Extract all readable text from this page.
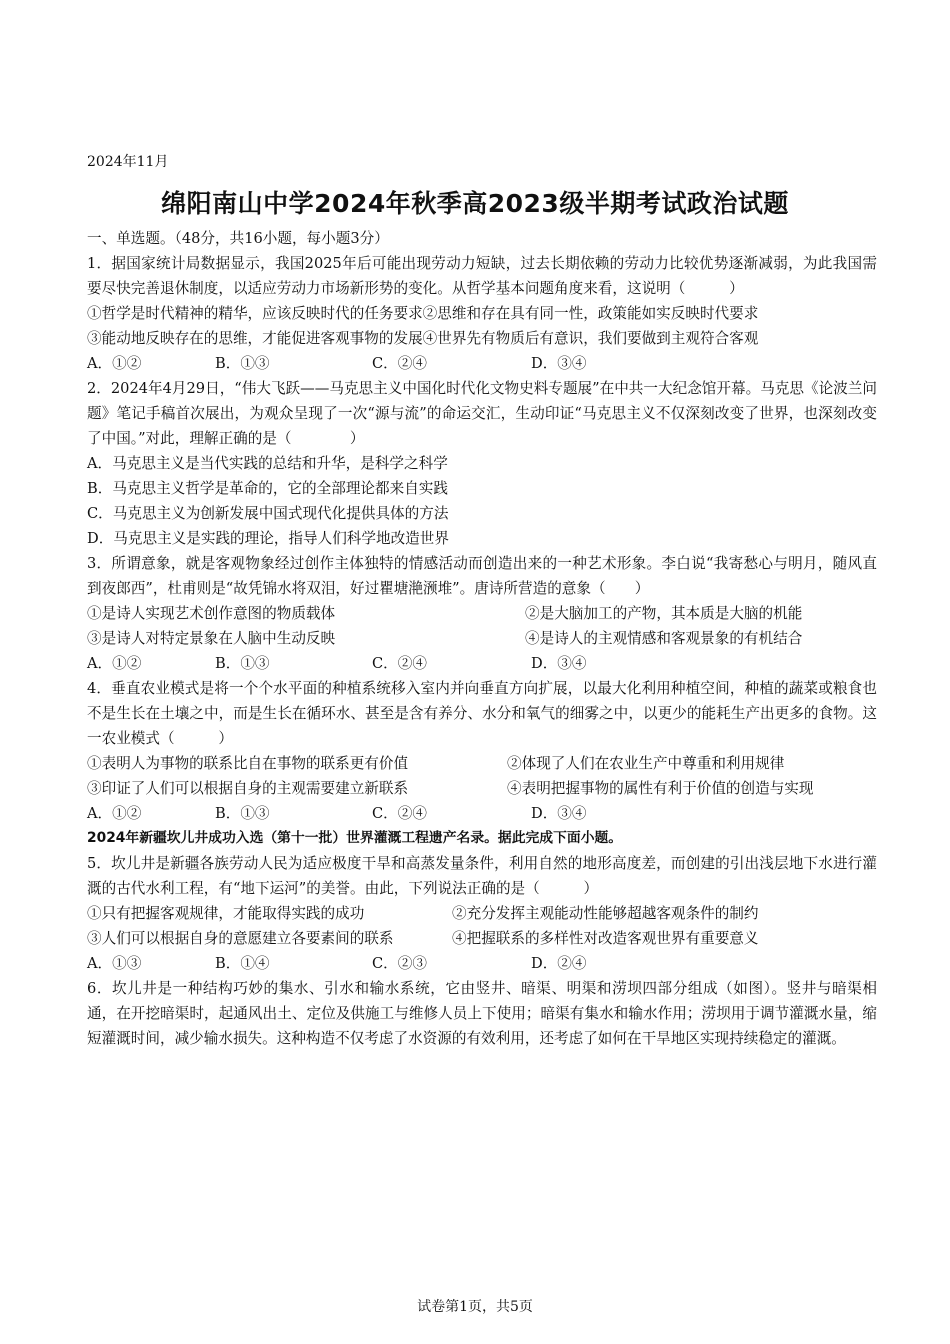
2024年11月
绵阳南山中学2024年秋季高2023级半期考试政治试题
一、单选题。（48分，共16小题，每小题3分）
1．据国家统计局数据显示，我国2025年后可能出现劳动力短缺，过去长期依赖的劳动力比较优势逐渐减弱，为此我国需要尽快完善退休制度，以适应劳动力市场新形势的变化。从哲学基本问题角度来看，这说明（　　　）
①哲学是时代精神的精华，应该反映时代的任务要求②思维和存在具有同一性，政策能如实反映时代要求
③能动地反映存在的思维，才能促进客观事物的发展④世界先有物质后有意识，我们要做到主观符合客观
A．①②	B．①③	C．②④	D．③④
2．2024年4月29日，“伟大飞跃——马克思主义中国化时代化文物史料专题展”在中共一大纪念馆开幕。马克思《论波兰问题》笔记手稿首次展出，为观众呈现了一次“源与流”的命运交汇，生动印证“马克思主义不仅深刻改变了世界，也深刻改变了中国。”对此，理解正确的是（　　　　）
A．马克思主义是当代实践的总结和升华，是科学之科学
B．马克思主义哲学是革命的，它的全部理论都来自实践
C．马克思主义为创新发展中国式现代化提供具体的方法
D．马克思主义是实践的理论，指导人们科学地改造世界
3．所谓意象，就是客观物象经过创作主体独特的情感活动而创造出来的一种艺术形象。李白说“我寄愁心与明月，随风直到夜郎西”，杜甫则是“故凭锦水将双泪，好过瞿塘滟滪堆”。唐诗所营造的意象（　　）
①是诗人实现艺术创作意图的物质载体	②是大脑加工的产物，其本质是大脑的机能
③是诗人对特定景象在人脑中生动反映	④是诗人的主观情感和客观景象的有机结合
A．①②	B．①③	C．②④	D．③④
4．垂直农业模式是将一个个水平面的种植系统移入室内并向垂直方向扩展，以最大化利用种植空间，种植的蔬菜或粮食也不是生长在土壤之中，而是生长在循环水、甚至是含有养分、水分和氧气的细雾之中，以更少的能耗生产出更多的食物。这一农业模式（　　　）
①表明人为事物的联系比自在事物的联系更有价值	②体现了人们在农业生产中尊重和利用规律
③印证了人们可以根据自身的主观需要建立新联系	④表明把握事物的属性有利于价值的创造与实现
A．①②	B．①③	C．②④	D．③④
2024年新疆坎儿井成功入选（第十一批）世界灌溉工程遗产名录。据此完成下面小题。
5．坎儿井是新疆各族劳动人民为适应极度干旱和高蒸发量条件，利用自然的地形高度差，而创建的引出浅层地下水进行灌溉的古代水利工程，有“地下运河”的美誉。由此，下列说法正确的是（　　　）
①只有把握客观规律，才能取得实践的成功	②充分发挥主观能动性能够超越客观条件的制约
③人们可以根据自身的意愿建立各要素间的联系	④把握联系的多样性对改造客观世界有重要意义
A．①③	B．①④	C．②③	D．②④
6．坎儿井是一种结构巧妙的集水、引水和输水系统，它由竖井、暗渠、明渠和涝坝四部分组成（如图）。竖井与暗渠相通，在开挖暗渠时，起通风出土、定位及供施工与维修人员上下使用；暗渠有集水和输水作用；涝坝用于调节灌溉水量，缩短灌溉时间，减少输水损失。这种构造不仅考虑了水资源的有效利用，还考虑了如何在干旱地区实现持续稳定的灌溉。
试卷第1页，共5页
